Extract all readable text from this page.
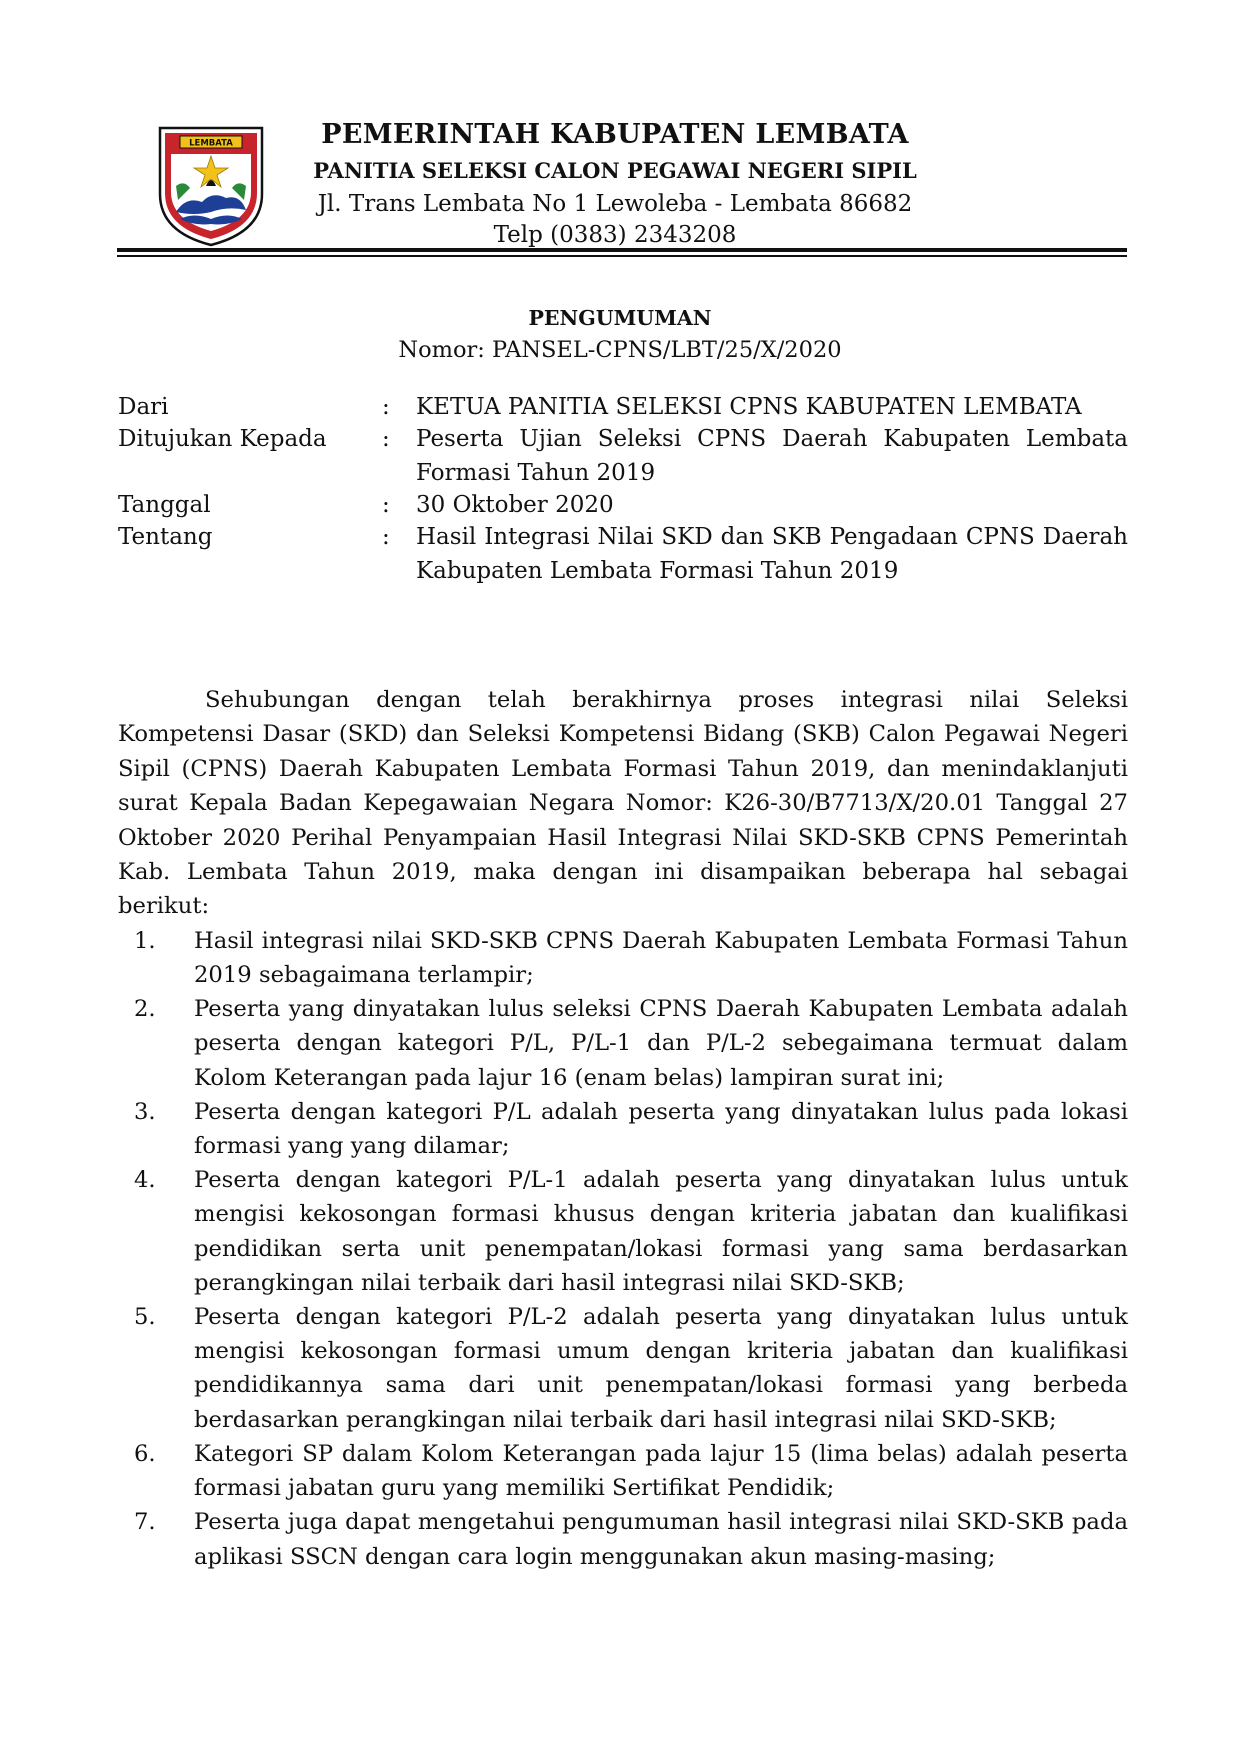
LEMBATA	PEMERINTAH KABUPATEN LEMBATA
PANITIA SELEKSI CALON PEGAWAI NEGERI SIPIL
Jl. Trans Lembata No 1 Lewoleba - Lembata 86682
Telp (0383) 2343208
PENGUMUMAN
Nomor: PANSEL-CPNS/LBT/25/X/2020
Dari	:	KETUA PANITIA SELEKSI CPNS KABUPATEN LEMBATA
Ditujukan Kepada	:	Peserta Ujian Seleksi CPNS Daerah Kabupaten Lembata Formasi Tahun 2019
Tanggal	:	30 Oktober 2020
Tentang	:	Hasil Integrasi Nilai SKD dan SKB Pengadaan CPNS Daerah Kabupaten Lembata Formasi Tahun 2019

Sehubungan dengan telah berakhirnya proses integrasi nilai Seleksi Kompetensi Dasar (SKD) dan Seleksi Kompetensi Bidang (SKB) Calon Pegawai Negeri Sipil (CPNS) Daerah Kabupaten Lembata Formasi Tahun 2019, dan menindaklanjuti surat Kepala Badan Kepegawaian Negara Nomor: K26-30/B7713/X/20.01 Tanggal 27 Oktober 2020 Perihal Penyampaian Hasil Integrasi Nilai SKD-SKB CPNS Pemerintah Kab. Lembata Tahun 2019, maka dengan ini disampaikan beberapa hal sebagai berikut:

1.	Hasil integrasi nilai SKD-SKB CPNS Daerah Kabupaten Lembata Formasi Tahun 2019 sebagaimana terlampir;
2.	Peserta yang dinyatakan lulus seleksi CPNS Daerah Kabupaten Lembata adalah peserta dengan kategori P/L, P/L-1 dan P/L-2 sebegaimana termuat dalam Kolom Keterangan pada lajur 16 (enam belas) lampiran surat ini;
3.	Peserta dengan kategori P/L adalah peserta yang dinyatakan lulus pada lokasi formasi yang yang dilamar;
4.	Peserta dengan kategori P/L-1 adalah peserta yang dinyatakan lulus untuk mengisi kekosongan formasi khusus dengan kriteria jabatan dan kualifikasi pendidikan serta unit penempatan/lokasi formasi yang sama berdasarkan perangkingan nilai terbaik dari hasil integrasi nilai SKD-SKB;
5.	Peserta dengan kategori P/L-2 adalah peserta yang dinyatakan lulus untuk mengisi kekosongan formasi umum dengan kriteria jabatan dan kualifikasi pendidikannya sama dari unit penempatan/lokasi formasi yang berbeda berdasarkan perangkingan nilai terbaik dari hasil integrasi nilai SKD-SKB;
6.	Kategori SP dalam Kolom Keterangan pada lajur 15 (lima belas) adalah peserta formasi jabatan guru yang memiliki Sertifikat Pendidik;
7.	Peserta juga dapat mengetahui pengumuman hasil integrasi nilai SKD-SKB pada aplikasi SSCN dengan cara login menggunakan akun masing-masing;
